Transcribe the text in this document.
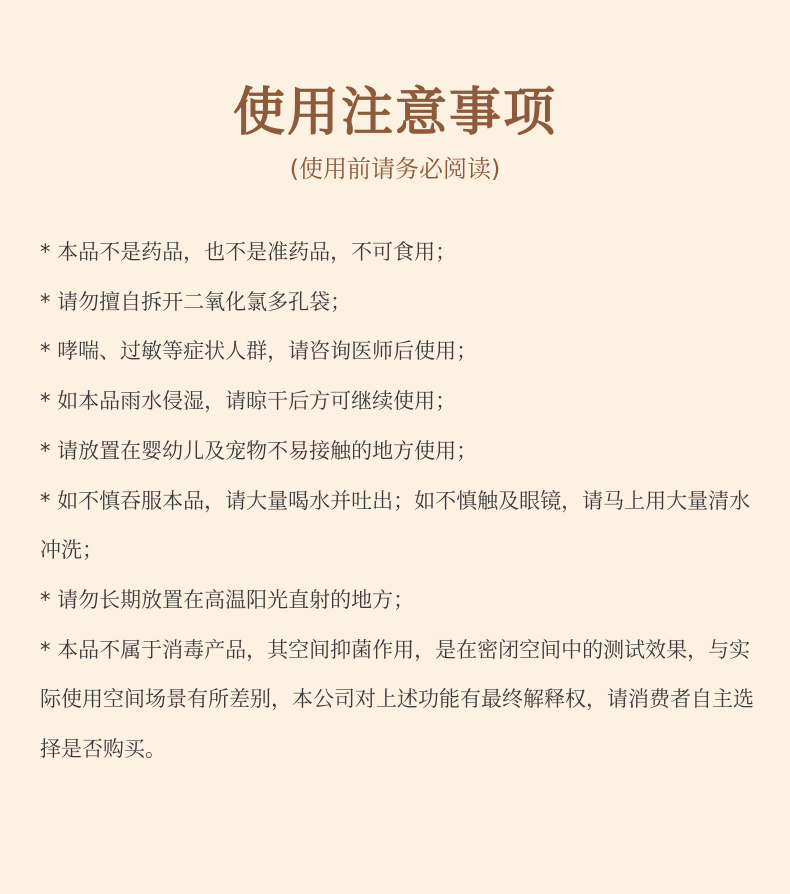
使用注意事项
(使用前请务必阅读)
* 本品不是药品，也不是准药品，不可食用；
* 请勿擅自拆开二氧化氯多孔袋；
* 哮喘、过敏等症状人群，请咨询医师后使用；
* 如本品雨水侵湿，请晾干后方可继续使用；
* 请放置在婴幼儿及宠物不易接触的地方使用；
* 如不慎吞服本品，请大量喝水并吐出；如不慎触及眼镜，请马上用大量清水冲洗；
* 请勿长期放置在高温阳光直射的地方；
* 本品不属于消毒产品，其空间抑菌作用，是在密闭空间中的测试效果，与实际使用空间场景有所差别，本公司对上述功能有最终解释权，请消费者自主选择是否购买。
